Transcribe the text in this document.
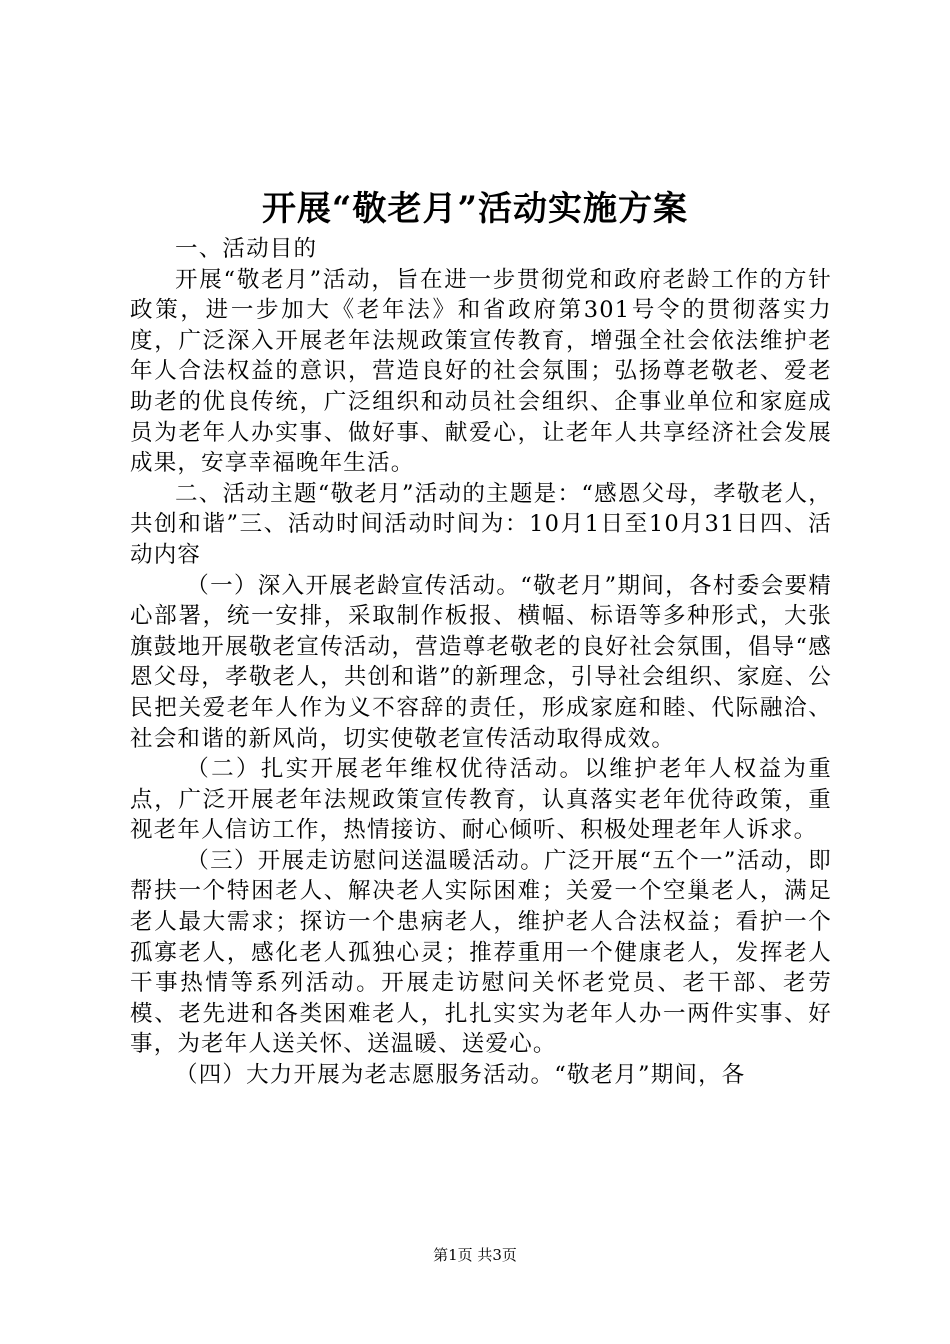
开展“敬老月”活动实施方案

一、活动目的

开展“敬老月”活动，旨在进一步贯彻党和政府老龄工作的方针政策，进一步加大《老年法》和省政府第301号令的贯彻落实力度，广泛深入开展老年法规政策宣传教育，增强全社会依法维护老年人合法权益的意识，营造良好的社会氛围；弘扬尊老敬老、爱老助老的优良传统，广泛组织和动员社会组织、企事业单位和家庭成员为老年人办实事、做好事、献爱心，让老年人共享经济社会发展成果，安享幸福晚年生活。

二、活动主题“敬老月”活动的主题是：“感恩父母，孝敬老人，共创和谐”三、活动时间活动时间为：10月1日至10月31日四、活动内容

（一）深入开展老龄宣传活动。“敬老月”期间，各村委会要精心部署，统一安排，采取制作板报、横幅、标语等多种形式，大张旗鼓地开展敬老宣传活动，营造尊老敬老的良好社会氛围，倡导“感恩父母，孝敬老人，共创和谐”的新理念，引导社会组织、家庭、公民把关爱老年人作为义不容辞的责任，形成家庭和睦、代际融洽、社会和谐的新风尚，切实使敬老宣传活动取得成效。

（二）扎实开展老年维权优待活动。以维护老年人权益为重点，广泛开展老年法规政策宣传教育，认真落实老年优待政策，重视老年人信访工作，热情接访、耐心倾听、积极处理老年人诉求。

（三）开展走访慰问送温暖活动。广泛开展“五个一”活动，即帮扶一个特困老人、解决老人实际困难；关爱一个空巢老人，满足老人最大需求；探访一个患病老人，维护老人合法权益；看护一个孤寡老人，感化老人孤独心灵；推荐重用一个健康老人，发挥老人干事热情等系列活动。开展走访慰问关怀老党员、老干部、老劳模、老先进和各类困难老人，扎扎实实为老年人办一两件实事、好事，为老年人送关怀、送温暖、送爱心。

（四）大力开展为老志愿服务活动。“敬老月”期间，各

第1页 共3页
